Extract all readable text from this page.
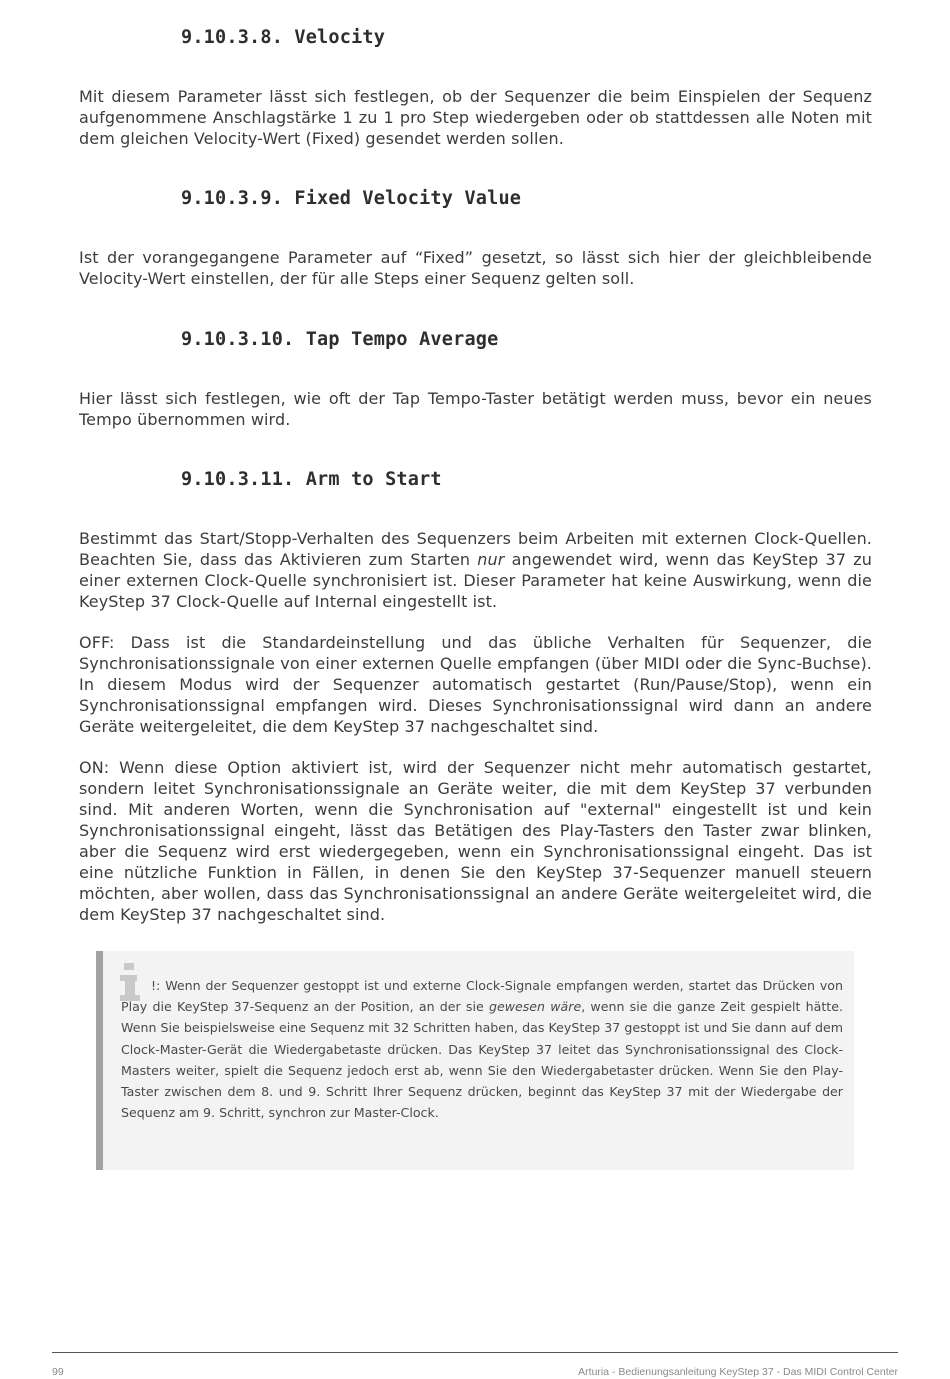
9.10.3.8. Velocity

Mit diesem Parameter lässt sich festlegen, ob der Sequenzer die beim Einspielen der Sequenz aufgenommene Anschlagstärke 1 zu 1 pro Step wiedergeben oder ob stattdessen alle Noten mit dem gleichen Velocity-Wert (Fixed) gesendet werden sollen.

9.10.3.9. Fixed Velocity Value

Ist der vorangegangene Parameter auf “Fixed” gesetzt, so lässt sich hier der gleichbleibende Velocity-Wert einstellen, der für alle Steps einer Sequenz gelten soll.

9.10.3.10. Tap Tempo Average

Hier lässt sich festlegen, wie oft der Tap Tempo-Taster betätigt werden muss, bevor ein neues Tempo übernommen wird.

9.10.3.11. Arm to Start

Bestimmt das Start/Stopp-Verhalten des Sequenzers beim Arbeiten mit externen Clock-Quellen. Beachten Sie, dass das Aktivieren zum Starten nur angewendet wird, wenn das KeyStep 37 zu einer externen Clock-Quelle synchronisiert ist. Dieser Parameter hat keine Auswirkung, wenn die KeyStep 37 Clock-Quelle auf Internal eingestellt ist.

OFF: Dass ist die Standardeinstellung und das übliche Verhalten für Sequenzer, die Synchronisationssignale von einer externen Quelle empfangen (über MIDI oder die Sync-Buchse). In diesem Modus wird der Sequenzer automatisch gestartet (Run/Pause/Stop), wenn ein Synchronisationssignal empfangen wird. Dieses Synchronisationssignal wird dann an andere Geräte weitergeleitet, die dem KeyStep 37 nachgeschaltet sind.

ON: Wenn diese Option aktiviert ist, wird der Sequenzer nicht mehr automatisch gestartet, sondern leitet Synchronisationssignale an Geräte weiter, die mit dem KeyStep 37 verbunden sind. Mit anderen Worten, wenn die Synchronisation auf "external" eingestellt ist und kein Synchronisationssignal eingeht, lässt das Betätigen des Play-Tasters den Taster zwar blinken, aber die Sequenz wird erst wiedergegeben, wenn ein Synchronisationssignal eingeht. Das ist eine nützliche Funktion in Fällen, in denen Sie den KeyStep 37-Sequenzer manuell steuern möchten, aber wollen, dass das Synchronisationssignal an andere Geräte weitergeleitet wird, die dem KeyStep 37 nachgeschaltet sind.

!: Wenn der Sequenzer gestoppt ist und externe Clock-Signale empfangen werden, startet das Drücken von Play die KeyStep 37-Sequenz an der Position, an der sie gewesen wäre, wenn sie die ganze Zeit gespielt hätte. Wenn Sie beispielsweise eine Sequenz mit 32 Schritten haben, das KeyStep 37 gestoppt ist und Sie dann auf dem Clock-Master-Gerät die Wiedergabetaste drücken. Das KeyStep 37 leitet das Synchronisationssignal des Clock-Masters weiter, spielt die Sequenz jedoch erst ab, wenn Sie den Wiedergabetaster drücken. Wenn Sie den Play-Taster zwischen dem 8. und 9. Schritt Ihrer Sequenz drücken, beginnt das KeyStep 37 mit der Wiedergabe der Sequenz am 9. Schritt, synchron zur Master-Clock.

99	Arturia - Bedienungsanleitung KeyStep 37 - Das MIDI Control Center
